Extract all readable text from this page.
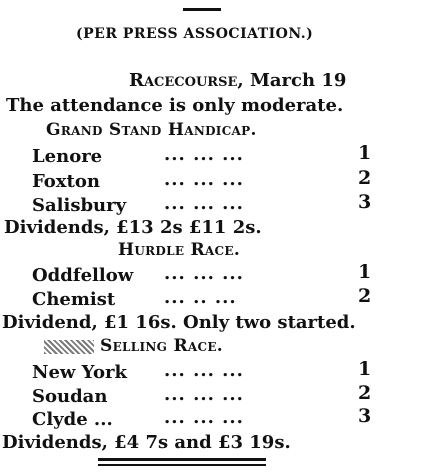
(PER PRESS ASSOCIATION.)
Racecourse, March 19
The attendance is only moderate.
Grand Stand Handicap.
Lenore	... ... ...	1
Foxton	... ... ...	2
Salisbury ... ... ...	3
Dividends, £13 2s £11 2s.
Hurdle Race.
Oddfellow ... ... ...	1
Chemist	... .. ...	2
Dividend, £1 16s. Only two started.
Selling Race.
New York ... ... ...	1
Soudan	... ... ...	2
Clyde ...	... ... ...	3
Dividends, £4 7s and £3 19s.
